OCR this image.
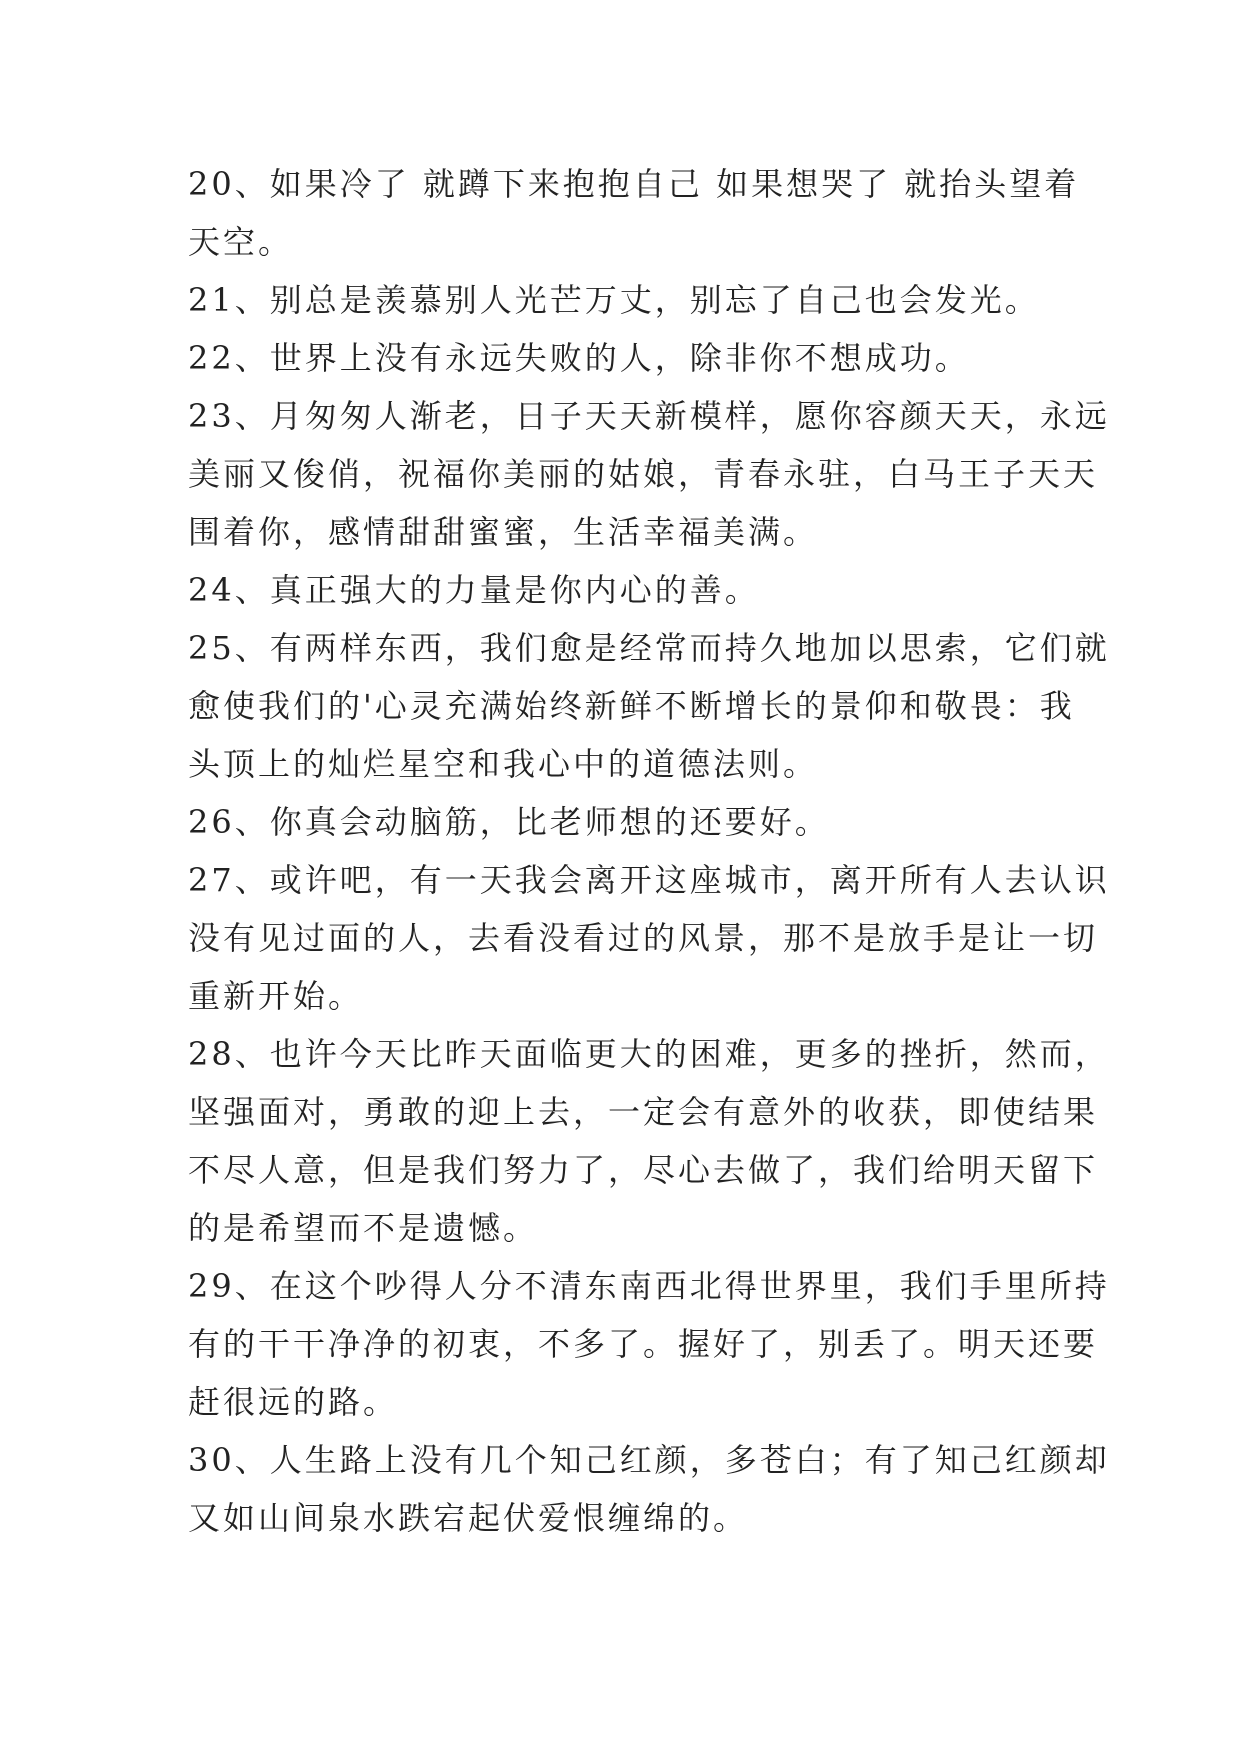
20、如果冷了 就蹲下来抱抱自己 如果想哭了 就抬头望着
天空。

21、别总是羡慕别人光芒万丈，别忘了自己也会发光。

22、世界上没有永远失败的人，除非你不想成功。

23、月匆匆人渐老，日子天天新模样，愿你容颜天天，永远
美丽又俊俏，祝福你美丽的姑娘，青春永驻，白马王子天天
围着你，感情甜甜蜜蜜，生活幸福美满。

24、真正强大的力量是你内心的善。

25、有两样东西，我们愈是经常而持久地加以思索，它们就
愈使我们的'心灵充满始终新鲜不断增长的景仰和敬畏：我
头顶上的灿烂星空和我心中的道德法则。

26、你真会动脑筋，比老师想的还要好。

27、或许吧，有一天我会离开这座城市，离开所有人去认识
没有见过面的人，去看没看过的风景，那不是放手是让一切
重新开始。

28、也许今天比昨天面临更大的困难，更多的挫折，然而，
坚强面对，勇敢的迎上去，一定会有意外的收获，即使结果
不尽人意，但是我们努力了，尽心去做了，我们给明天留下
的是希望而不是遗憾。

29、在这个吵得人分不清东南西北得世界里，我们手里所持
有的干干净净的初衷，不多了。握好了，别丢了。明天还要
赶很远的路。

30、人生路上没有几个知己红颜，多苍白；有了知己红颜却
又如山间泉水跌宕起伏爱恨缠绵的。
